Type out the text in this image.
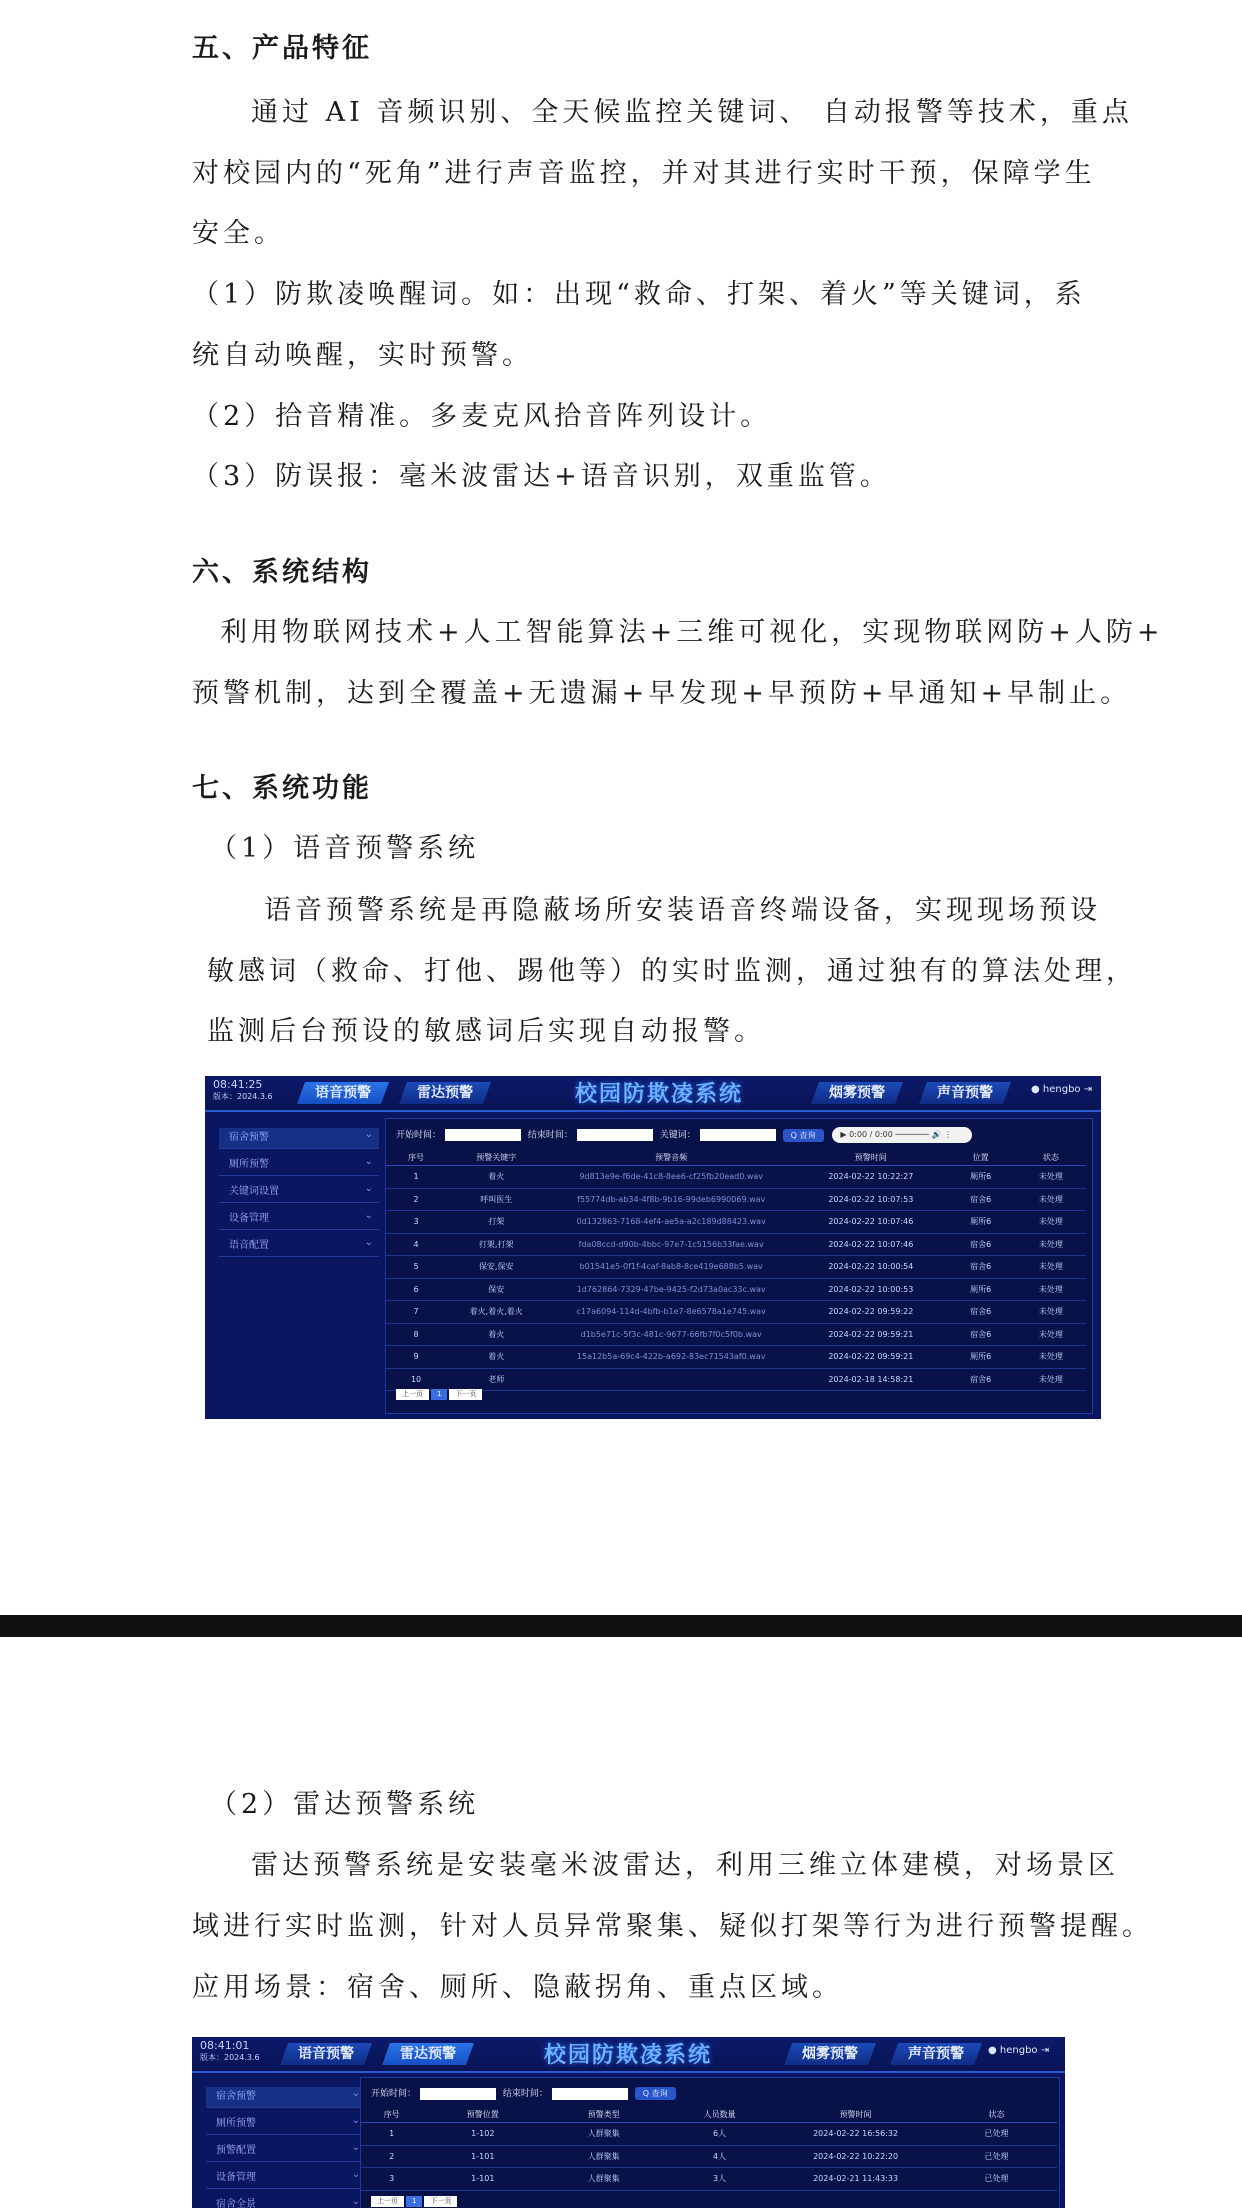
五、产品特征
通过 AI 音频识别、全天候监控关键词、 自动报警等技术，重点
对校园内的“死角”进行声音监控，并对其进行实时干预，保障学生
安全。
（1）防欺凌唤醒词。如：出现“救命、打架、着火”等关键词，系
统自动唤醒，实时预警。
（2）拾音精准。多麦克风拾音阵列设计。
（3）防误报：毫米波雷达+语音识别，双重监管。
六、系统结构
利用物联网技术+人工智能算法+三维可视化，实现物联网防+人防+
预警机制，达到全覆盖+无遗漏+早发现+早预防+早通知+早制止。
七、系统功能
（1）语音预警系统
语音预警系统是再隐蔽场所安装语音终端设备，实现现场预设
敏感词（救命、打他、踢他等）的实时监测，通过独有的算法处理，
监测后台预设的敏感词后实现自动报警。
08:41:25
版本：2024.3.6	语音预警	雷达预警	校园防欺凌系统	烟雾预警	声音预警	● hengbo ⇥
宿舍预警 ⌄
厕所预警 ⌄
关键词设置 ⌄
设备管理 ⌄
语音配置 ⌄
开始时间：	结束时间：	关键词：	Q 查询	▶ 0:00 / 0:00 ─────── 🔊 ⋮
序号	预警关键字	预警音频	预警时间	位置	状态
1	着火	9d813e9e-f6de-41c8-8ee6-cf25fb20ead0.wav	2024-02-22 10:22:27	厕所6	未处理
2	呼叫医生	f55774db-ab34-4f8b-9b16-99deb6990069.wav	2024-02-22 10:07:53	宿舍6	未处理
3	打架	0d132863-7168-4ef4-ae5a-a2c189d88423.wav	2024-02-22 10:07:46	厕所6	未处理
4	打架,打架	fda08ccd-d90b-4bbc-97e7-1c5156b33fae.wav	2024-02-22 10:07:46	宿舍6	未处理
5	保安,保安	b01541e5-0f1f-4caf-8ab8-8ce419e688b5.wav	2024-02-22 10:00:54	宿舍6	未处理
6	保安	1d762864-7329-47be-9425-f2d73a0ac33c.wav	2024-02-22 10:00:53	厕所6	未处理
7	着火,着火,着火	c17a6094-114d-4bfb-b1e7-8e6578a1e745.wav	2024-02-22 09:59:22	宿舍6	未处理
8	着火	d1b5e71c-5f3c-481c-9677-66fb7f0c5f0b.wav	2024-02-22 09:59:21	宿舍6	未处理
9	着火	15a12b5a-69c4-422b-a692-83ec71543af0.wav	2024-02-22 09:59:21	厕所6	未处理
10	老师		2024-02-18 14:58:21	宿舍6	未处理
上一页 1 下一页
（2）雷达预警系统
雷达预警系统是安装毫米波雷达，利用三维立体建模，对场景区
域进行实时监测，针对人员异常聚集、疑似打架等行为进行预警提醒。
应用场景：宿舍、厕所、隐蔽拐角、重点区域。
08:41:01
版本：2024.3.6	语音预警	雷达预警	校园防欺凌系统	烟雾预警	声音预警	● hengbo ⇥
宿舍预警 ⌄
厕所预警 ⌄
预警配置 ⌄
设备管理 ⌄
宿舍全景 ⌄
开始时间：	结束时间：	Q 查询
序号	预警位置	预警类型	人员数量	预警时间	状态
1	1-102	人群聚集	6人	2024-02-22 16:56:32	已处理
2	1-101	人群聚集	4人	2024-02-22 10:22:20	已处理
3	1-101	人群聚集	3人	2024-02-21 11:43:33	已处理
上一页 1 下一页
